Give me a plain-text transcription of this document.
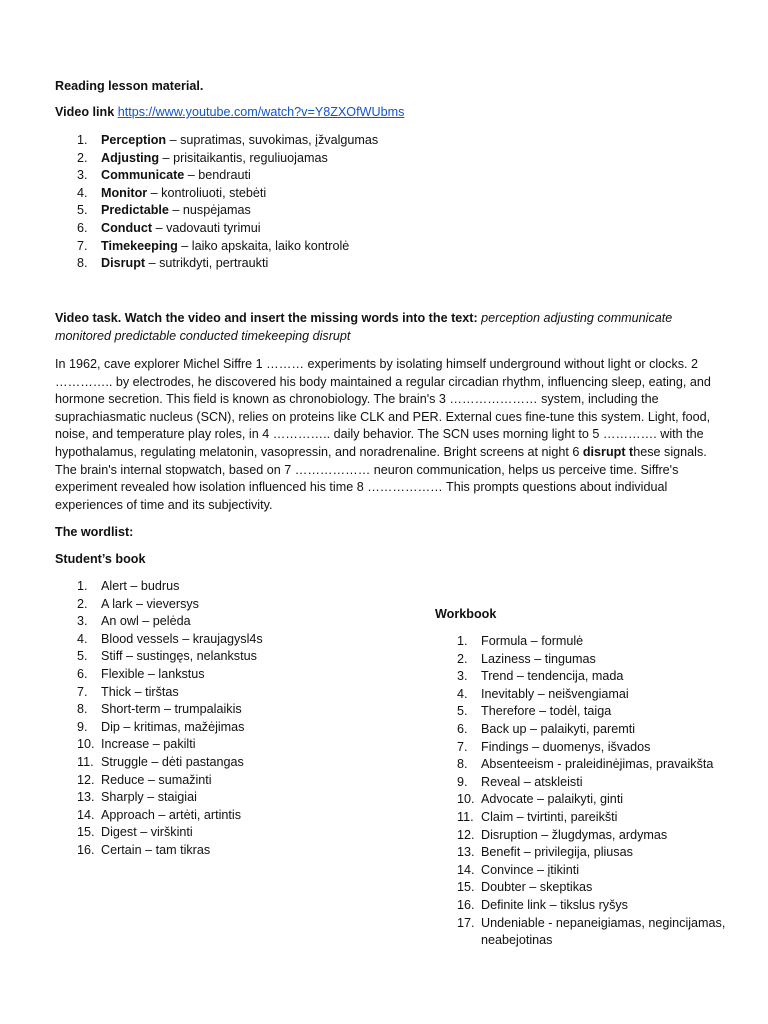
Reading lesson material.

Video link https://www.youtube.com/watch?v=Y8ZXOfWUbms

1.	Perception – supratimas, suvokimas, įžvalgumas
2.	Adjusting – prisitaikantis, reguliuojamas
3.	Communicate – bendrauti
4.	Monitor – kontroliuoti, stebėti
5.	Predictable – nuspėjamas
6.	Conduct – vadovauti tyrimui
7.	Timekeeping – laiko apskaita, laiko kontrolė
8.	Disrupt – sutrikdyti, pertraukti

Video task. Watch the video and insert the missing words into the text: perception adjusting communicate
monitored predictable conducted timekeeping disrupt

In 1962, cave explorer Michel Siffre 1 ……… experiments by isolating himself underground without light or clocks. 2 ………….. by electrodes, he discovered his body maintained a regular circadian rhythm, influencing sleep, eating, and hormone secretion. This field is known as chronobiology. The brain's 3 ………………… system, including the suprachiasmatic nucleus (SCN), relies on proteins like CLK and PER. External cues fine-tune this system. Light, food, noise, and temperature play roles, in 4 ………….. daily behavior. The SCN uses morning light to 5 …………. with the hypothalamus, regulating melatonin, vasopressin, and noradrenaline. Bright screens at night 6 disrupt these signals. The brain's internal stopwatch, based on 7 ……………… neuron communication, helps us perceive time. Siffre's experiment revealed how isolation influenced his time 8 ……………… This prompts questions about individual experiences of time and its subjectivity.

The wordlist:

Student’s book

1.	Alert – budrus
2.	A lark – vieversys
3.	An owl – pelėda
4.	Blood vessels – kraujagysl4s
5.	Stiff – sustingęs, nelankstus
6.	Flexible – lankstus
7.	Thick – tirštas
8.	Short-term – trumpalaikis
9.	Dip – kritimas, mažėjimas
10. Increase – pakilti
11. Struggle – dėti pastangas
12. Reduce – sumažinti
13. Sharply – staigiai
14. Approach – artėti, artintis
15. Digest – virškinti
16. Certain – tam tikras

Workbook

1.	Formula – formulė
2.	Laziness – tingumas
3.	Trend – tendencija, mada
4.	Inevitably – neišvengiamai
5.	Therefore – todėl, taiga
6.	Back up – palaikyti, paremti
7.	Findings – duomenys, išvados
8.	Absenteeism - praleidinėjimas, pravaikšta
9.	Reveal – atskleisti
10. Advocate – palaikyti, ginti
11. Claim – tvirtinti, pareikšti
12. Disruption – žlugdymas, ardymas
13. Benefit – privilegija, pliusas
14. Convince – įtikinti
15. Doubter – skeptikas
16. Definite link – tikslus ryšys
17. Undeniable - nepaneigiamas, negincijamas, neabejotinas
